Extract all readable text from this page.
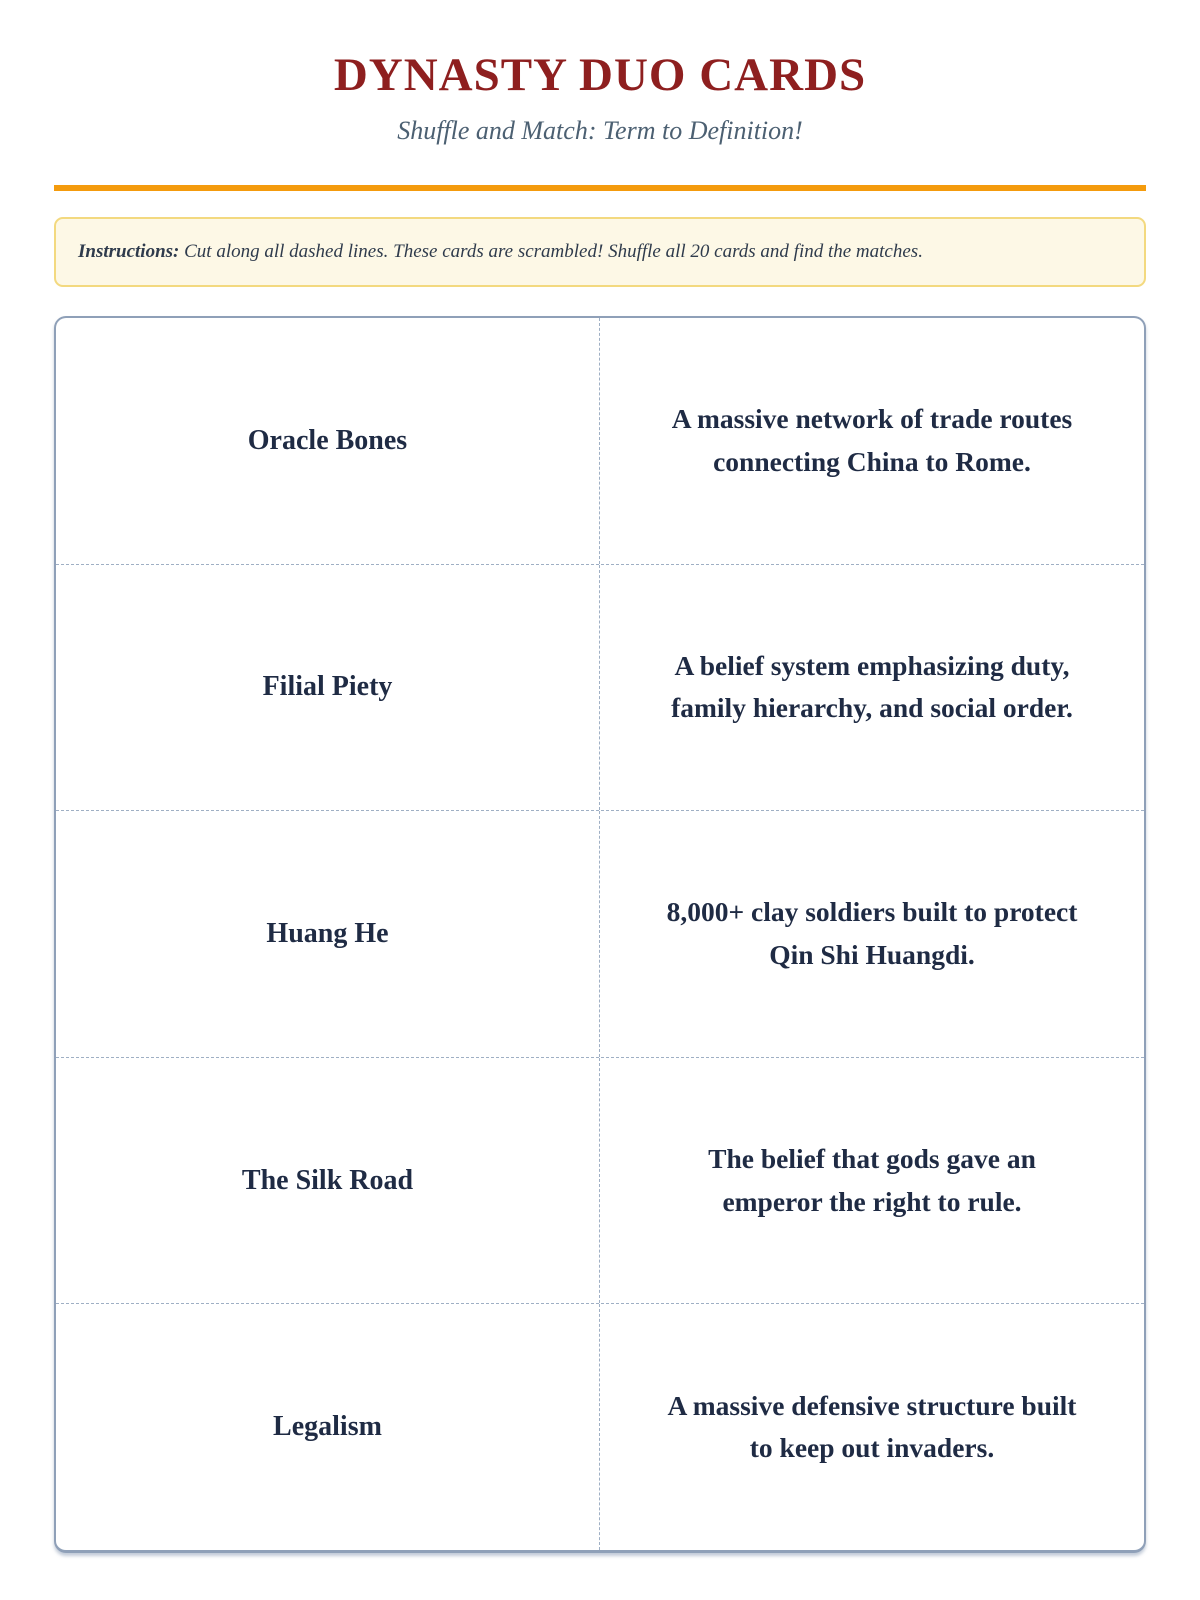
DYNASTY DUO CARDS
Shuffle and Match: Term to Definition!
Instructions: Cut along all dashed lines. These cards are scrambled! Shuffle all 20 cards and find the matches.
Oracle Bones
A massive network of trade routes
connecting China to Rome.
Filial Piety
A belief system emphasizing duty,
family hierarchy, and social order.
Huang He
8,000+ clay soldiers built to protect
Qin Shi Huangdi.
The Silk Road
The belief that gods gave an
emperor the right to rule.
Legalism
A massive defensive structure built
to keep out invaders.
